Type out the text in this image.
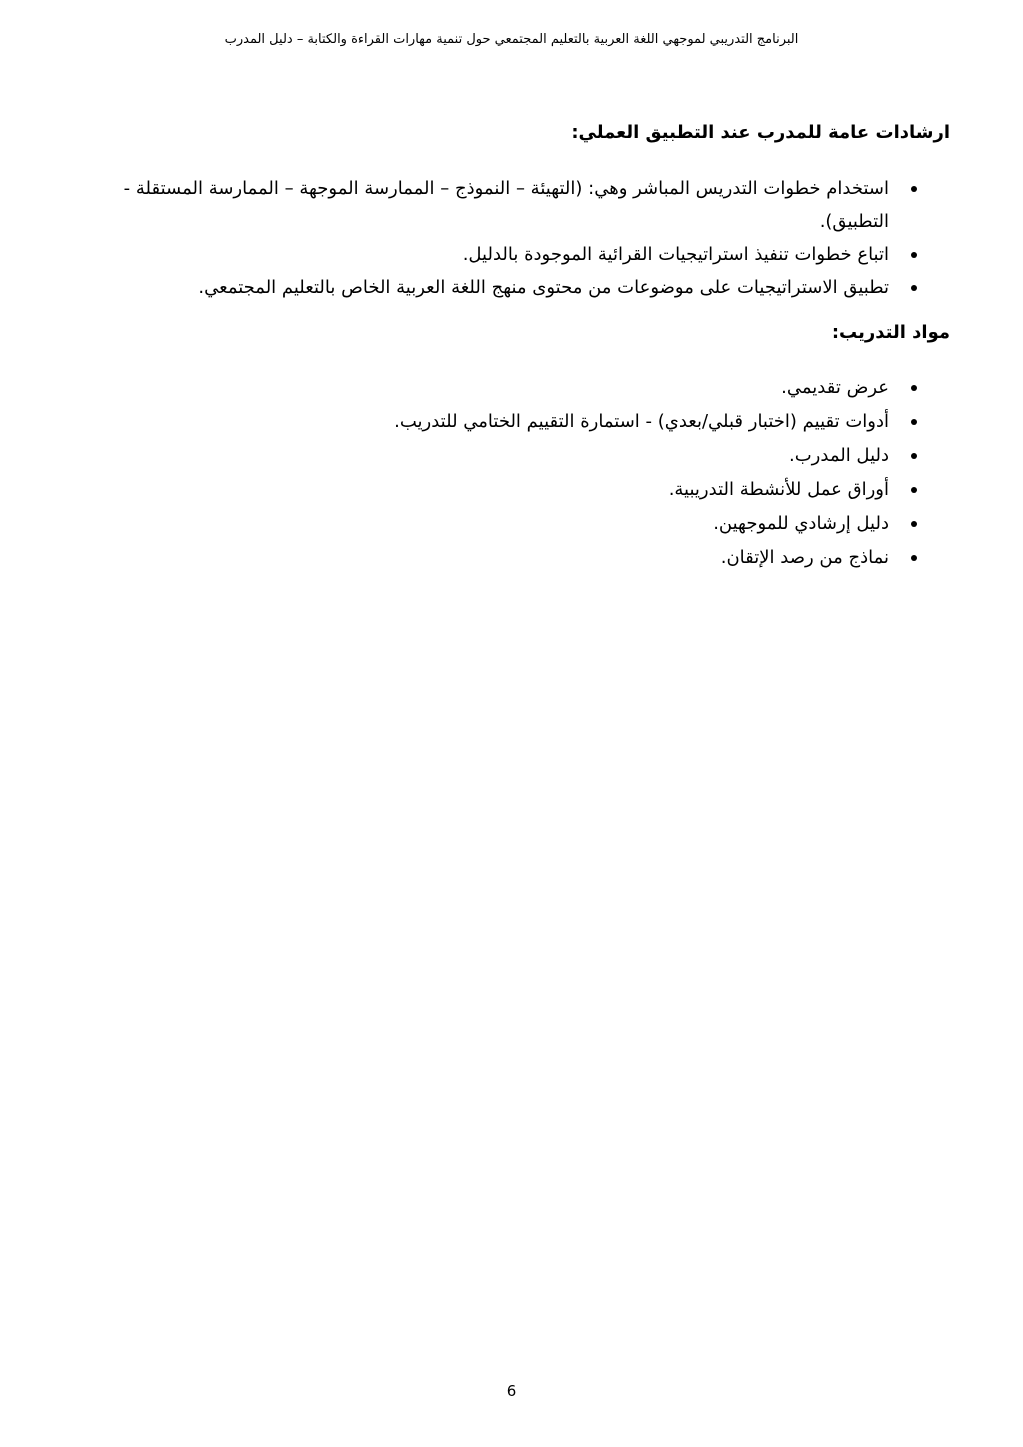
البرنامج التدريبي لموجهي اللغة العربية بالتعليم المجتمعي حول تنمية مهارات القراءة والكتابة – دليل المدرب
ارشادات عامة للمدرب عند التطبيق العملي:
استخدام خطوات التدريس المباشر وهي: (التهيئة – النموذج – الممارسة الموجهة – الممارسة المستقلة - التطبيق).
اتباع خطوات تنفيذ استراتيجيات القرائية الموجودة بالدليل.
تطبيق الاستراتيجيات على موضوعات من محتوى منهج اللغة العربية الخاص بالتعليم المجتمعي.
مواد التدريب:
عرض تقديمي.
أدوات تقييم (اختبار قبلي/بعدي) - استمارة التقييم الختامي للتدريب.
دليل المدرب.
أوراق عمل للأنشطة التدريبية.
دليل إرشادي للموجهين.
نماذج من رصد الإتقان.
6
